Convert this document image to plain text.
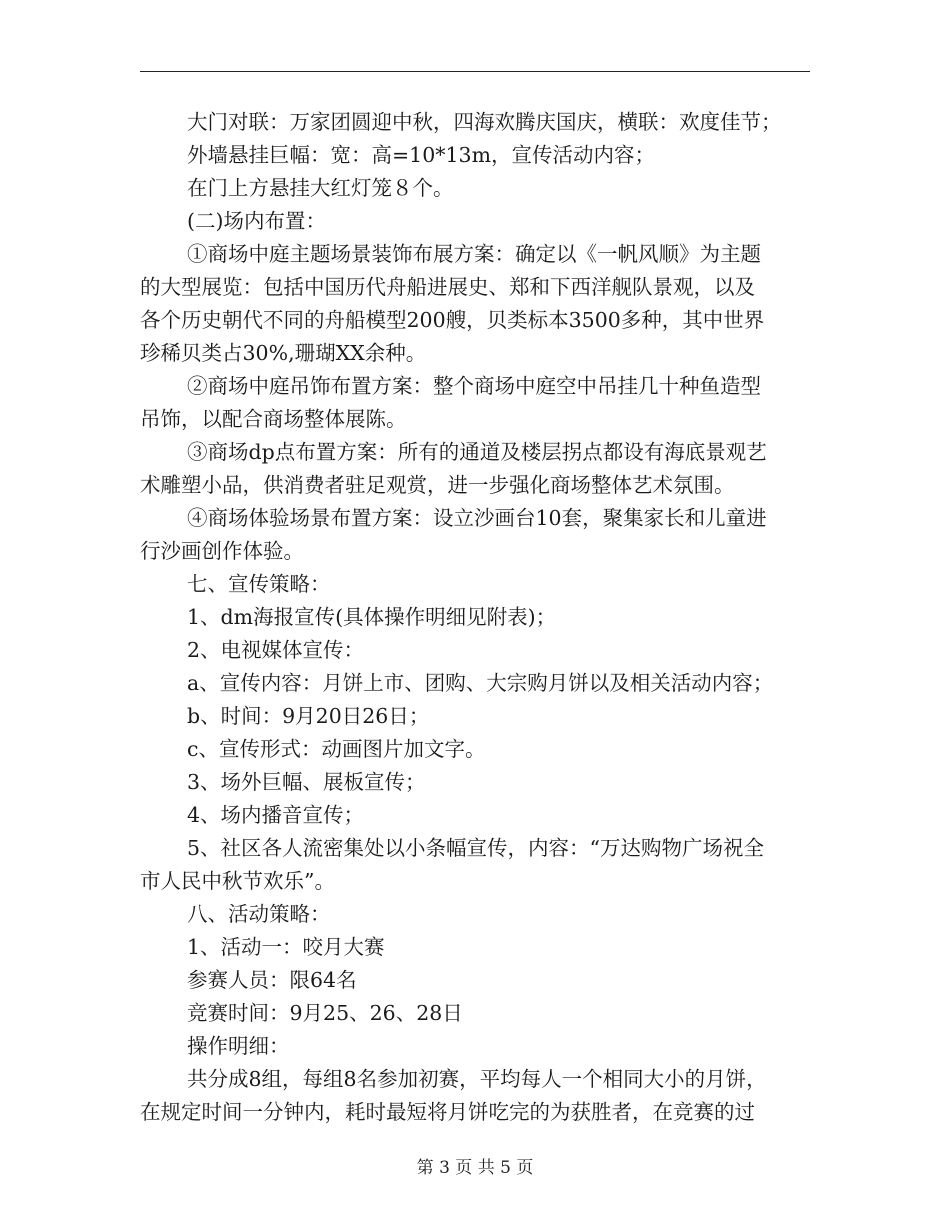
大门对联：万家团圆迎中秋，四海欢腾庆国庆，横联：欢度佳节；
外墙悬挂巨幅：宽：高=10*13m，宣传活动内容；
在门上方悬挂大红灯笼８个。
(二)场内布置：
①商场中庭主题场景装饰布展方案：确定以《一帆风顺》为主题
的大型展览：包括中国历代舟船进展史、郑和下西洋舰队景观，以及
各个历史朝代不同的舟船模型200艘，贝类标本3500多种，其中世界
珍稀贝类占30%,珊瑚XX余种。
②商场中庭吊饰布置方案：整个商场中庭空中吊挂几十种鱼造型
吊饰，以配合商场整体展陈。
③商场dp点布置方案：所有的通道及楼层拐点都设有海底景观艺
术雕塑小品，供消费者驻足观赏，进一步强化商场整体艺术氛围。
④商场体验场景布置方案：设立沙画台10套，聚集家长和儿童进
行沙画创作体验。
七、宣传策略：
1、dm海报宣传(具体操作明细见附表)；
2、电视媒体宣传：
a、宣传内容：月饼上市、团购、大宗购月饼以及相关活动内容；
b、时间：9月20日26日；
c、宣传形式：动画图片加文字。
3、场外巨幅、展板宣传；
4、场内播音宣传；
5、社区各人流密集处以小条幅宣传，内容：“万达购物广场祝全
市人民中秋节欢乐”。
八、活动策略：
1、活动一：咬月大赛
参赛人员：限64名
竞赛时间：9月25、26、28日
操作明细：
共分成8组，每组8名参加初赛，平均每人一个相同大小的月饼，
在规定时间一分钟内，耗时最短将月饼吃完的为获胜者，在竞赛的过
第 3 页 共 5 页
